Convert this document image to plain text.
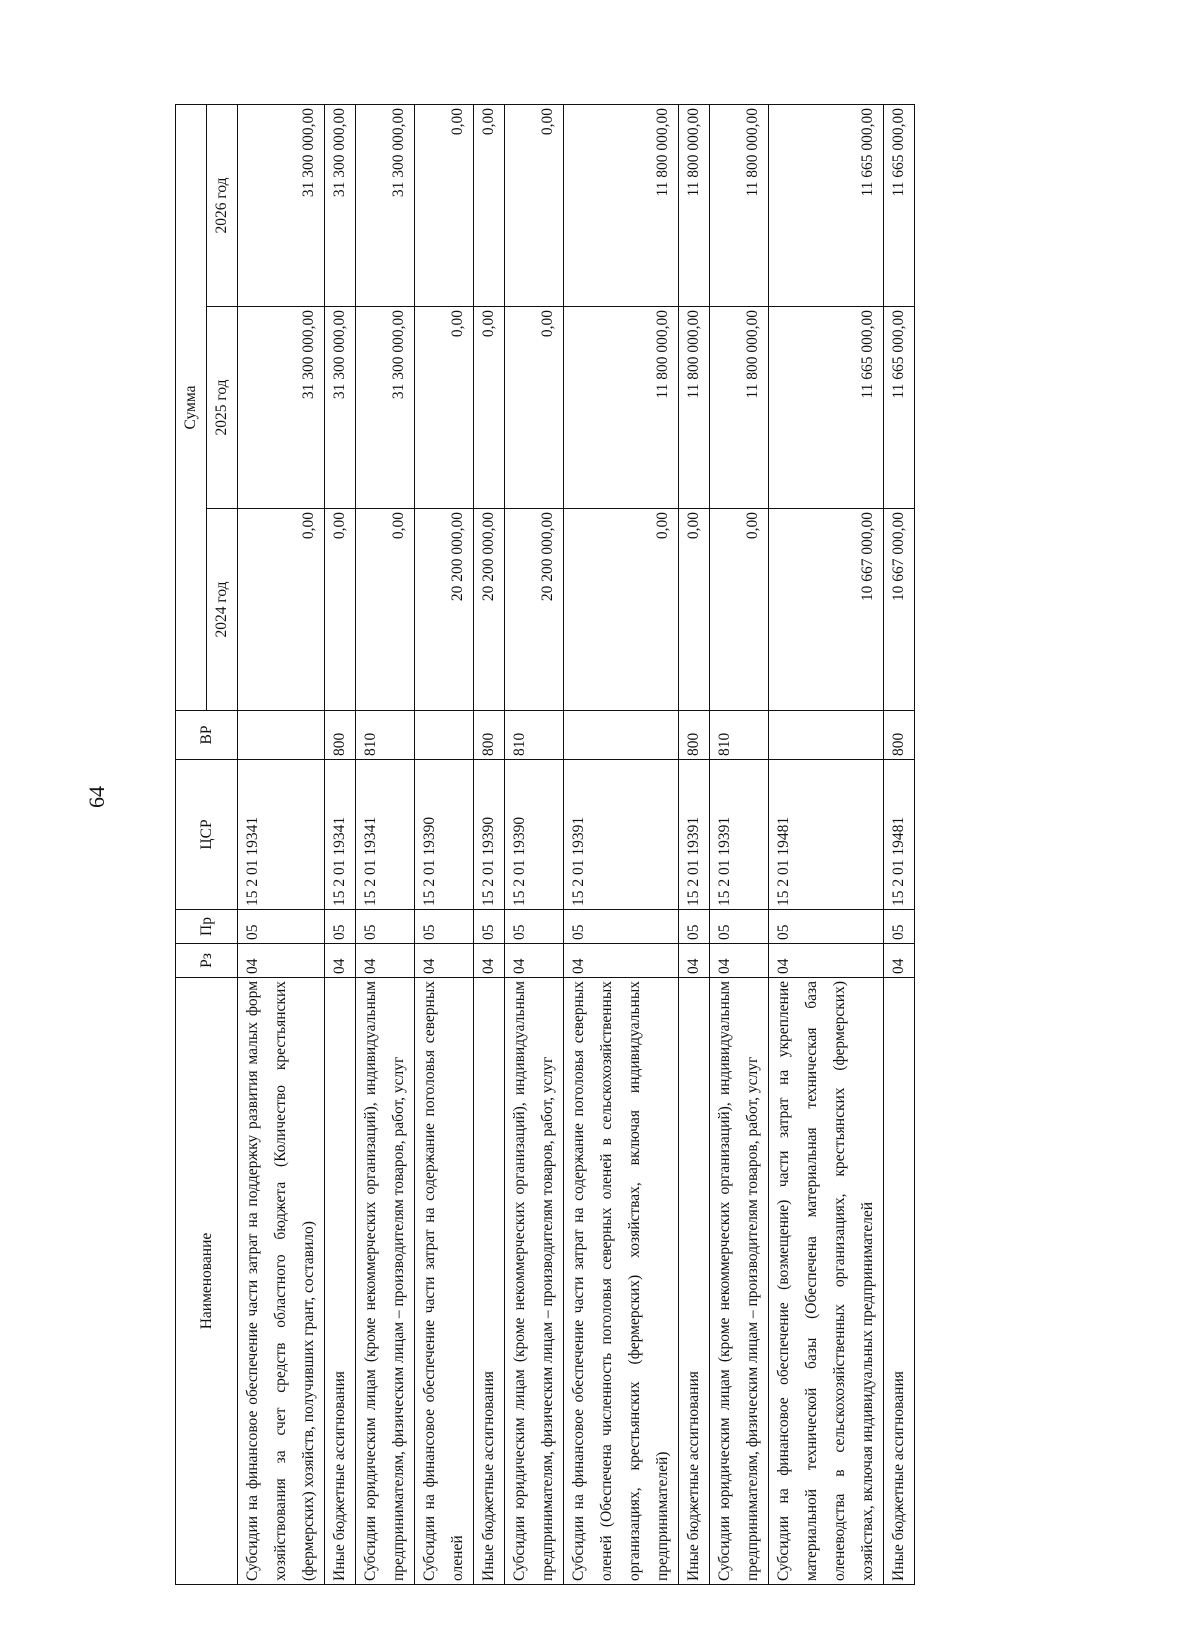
64
Наименование	Рз	Пр	ЦСР	ВР	Сумма		
					2024 год	2025 год	2026 год
Субсидии на финансовое обеспечение части затрат на поддержку развития малых форм хозяйствования за счет средств областного бюджета (Количество крестьянских (фермерских) хозяйств, получивших грант, составило)	04	05	15 2 01 19341		0,00	31 300 000,00	31 300 000,00
Иные бюджетные ассигнования	04	05	15 2 01 19341	800	0,00	31 300 000,00	31 300 000,00
Субсидии юридическим лицам (кроме некоммерческих организаций), индивидуальным предпринимателям, физическим лицам – производителям товаров, работ, услуг	04	05	15 2 01 19341	810	0,00	31 300 000,00	31 300 000,00
Субсидии на финансовое обеспечение части затрат на содержание поголовья северных оленей	04	05	15 2 01 19390		20 200 000,00	0,00	0,00
Иные бюджетные ассигнования	04	05	15 2 01 19390	800	20 200 000,00	0,00	0,00
Субсидии юридическим лицам (кроме некоммерческих организаций), индивидуальным предпринимателям, физическим лицам – производителям товаров, работ, услуг	04	05	15 2 01 19390	810	20 200 000,00	0,00	0,00
Субсидии на финансовое обеспечение части затрат на содержание поголовья северных оленей (Обеспечена численность поголовья северных оленей в сельскохозяйственных организациях, крестьянских (фермерских) хозяйствах, включая индивидуальных предпринимателей)	04	05	15 2 01 19391		0,00	11 800 000,00	11 800 000,00
Иные бюджетные ассигнования	04	05	15 2 01 19391	800	0,00	11 800 000,00	11 800 000,00
Субсидии юридическим лицам (кроме некоммерческих организаций), индивидуальным предпринимателям, физическим лицам – производителям товаров, работ, услуг	04	05	15 2 01 19391	810	0,00	11 800 000,00	11 800 000,00
Субсидии на финансовое обеспечение (возмещение) части затрат на укрепление материальной технической базы (Обеспечена материальная техническая база оленеводства в сельскохозяйственных организациях, крестьянских (фермерских) хозяйствах, включая индивидуальных предпринимателей	04	05	15 2 01 19481		10 667 000,00	11 665 000,00	11 665 000,00
Иные бюджетные ассигнования	04	05	15 2 01 19481	800	10 667 000,00	11 665 000,00	11 665 000,00
